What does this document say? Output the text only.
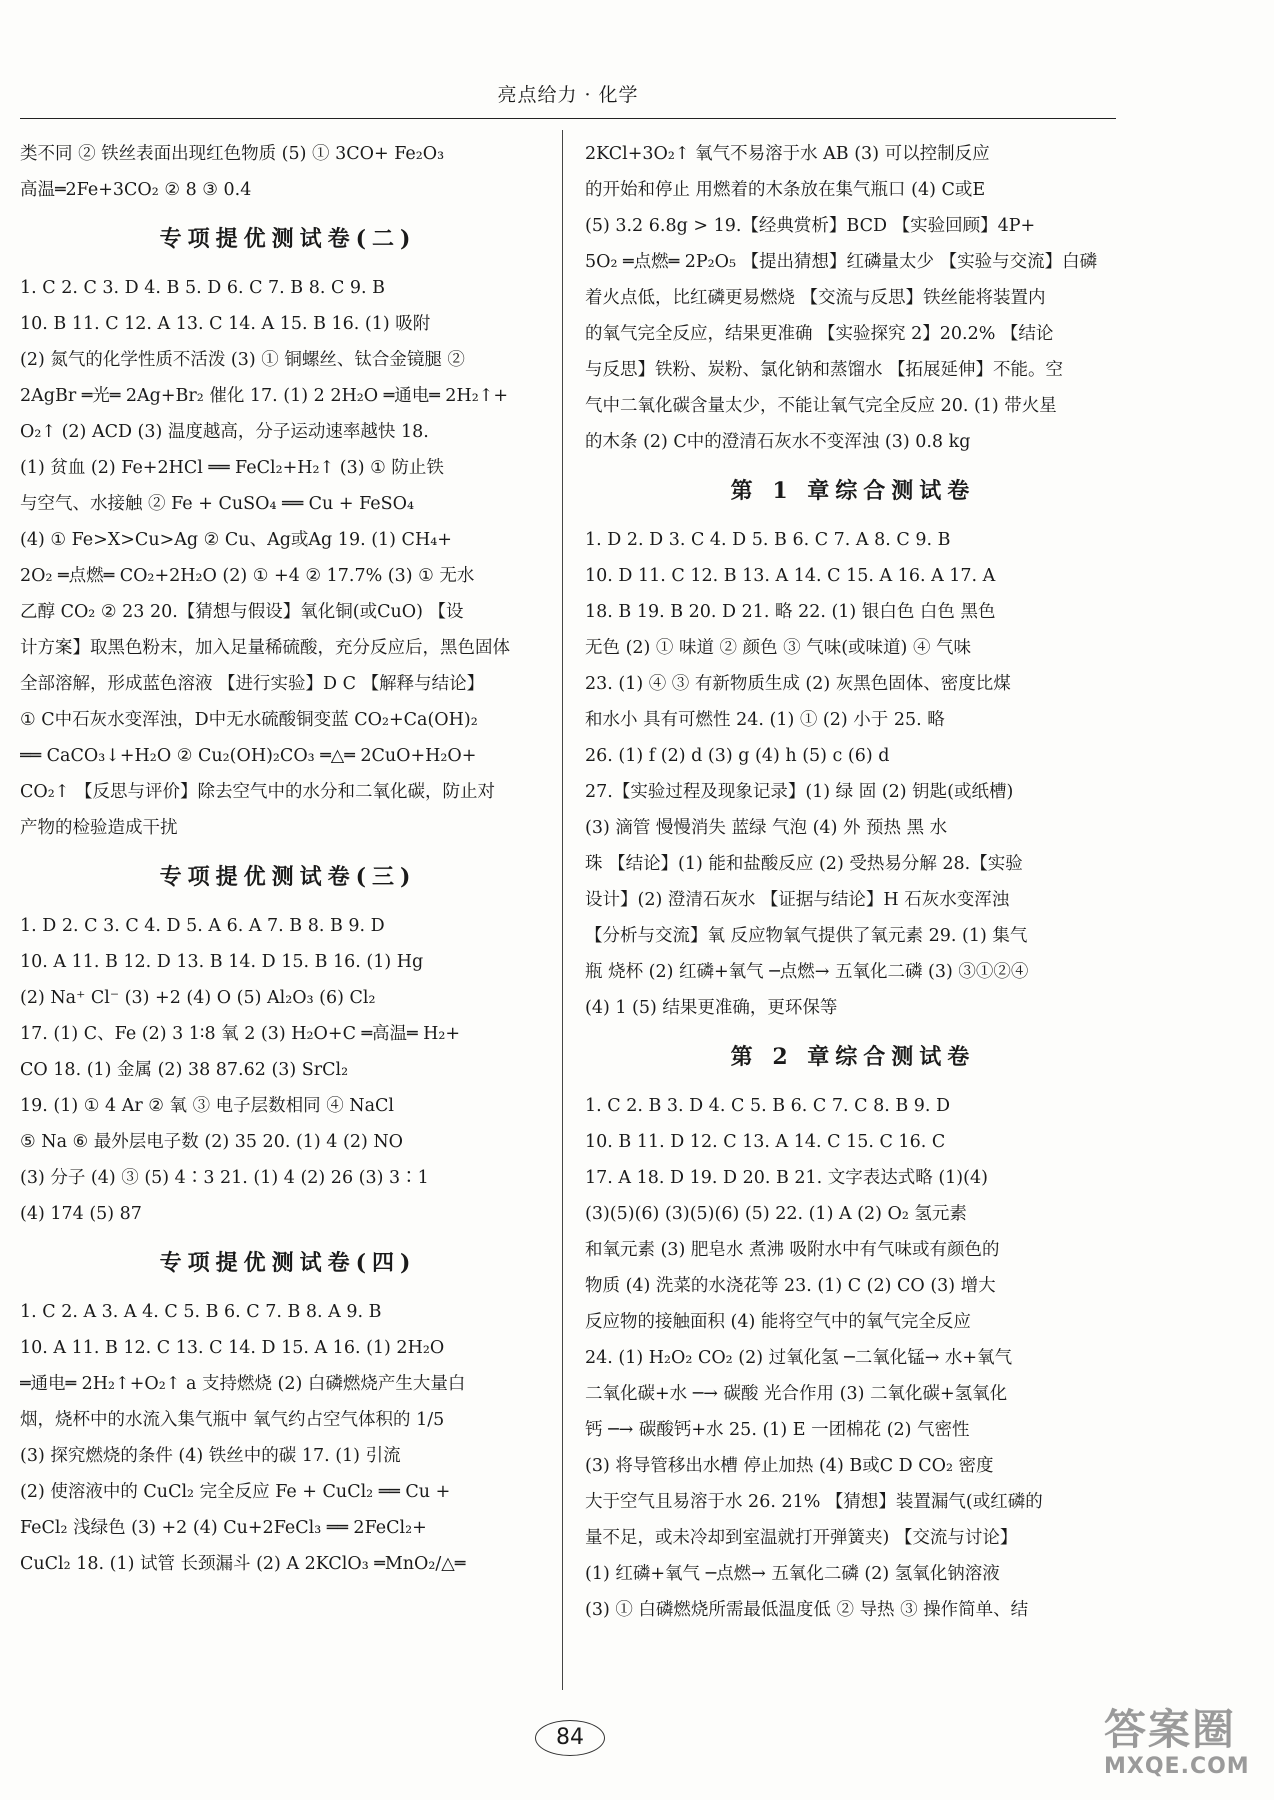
亮点给力 · 化学
类不同 ② 铁丝表面出现红色物质 (5) ① 3CO+ Fe₂O₃
高温═2Fe+3CO₂ ② 8 ③ 0.4
专项提优测试卷(二)
1. C 2. C 3. D 4. B 5. D 6. C 7. B 8. C 9. B
10. B 11. C 12. A 13. C 14. A 15. B 16. (1) 吸附
(2) 氮气的化学性质不活泼 (3) ① 铜螺丝、钛合金镜腿 ②
2AgBr ═光═ 2Ag+Br₂ 催化 17. (1) 2 2H₂O ═通电═ 2H₂↑+
O₂↑ (2) ACD (3) 温度越高，分子运动速率越快 18.
(1) 贫血 (2) Fe+2HCl ══ FeCl₂+H₂↑ (3) ① 防止铁
与空气、水接触 ② Fe + CuSO₄ ══ Cu + FeSO₄
(4) ① Fe>X>Cu>Ag ② Cu、Ag或Ag 19. (1) CH₄+
2O₂ ═点燃═ CO₂+2H₂O (2) ① +4 ② 17.7% (3) ① 无水
乙醇 CO₂ ② 23 20.【猜想与假设】氧化铜(或CuO) 【设
计方案】取黑色粉末，加入足量稀硫酸，充分反应后，黑色固体
全部溶解，形成蓝色溶液 【进行实验】D C 【解释与结论】
① C中石灰水变浑浊，D中无水硫酸铜变蓝 CO₂+Ca(OH)₂
══ CaCO₃↓+H₂O ② Cu₂(OH)₂CO₃ ═△═ 2CuO+H₂O+
CO₂↑ 【反思与评价】除去空气中的水分和二氧化碳，防止对
产物的检验造成干扰
专项提优测试卷(三)
1. D 2. C 3. C 4. D 5. A 6. A 7. B 8. B 9. D
10. A 11. B 12. D 13. B 14. D 15. B 16. (1) Hg
(2) Na⁺ Cl⁻ (3) +2 (4) O (5) Al₂O₃ (6) Cl₂
17. (1) C、Fe (2) 3 1∶8 氧 2 (3) H₂O+C ═高温═ H₂+
CO 18. (1) 金属 (2) 38 87.62 (3) SrCl₂
19. (1) ① 4 Ar ② 氧 ③ 电子层数相同 ④ NaCl
⑤ Na ⑥ 最外层电子数 (2) 35 20. (1) 4 (2) NO
(3) 分子 (4) ③ (5) 4∶3 21. (1) 4 (2) 26 (3) 3∶1
(4) 174 (5) 87
专项提优测试卷(四)
1. C 2. A 3. A 4. C 5. B 6. C 7. B 8. A 9. B
10. A 11. B 12. C 13. C 14. D 15. A 16. (1) 2H₂O
═通电═ 2H₂↑+O₂↑ a 支持燃烧 (2) 白磷燃烧产生大量白
烟，烧杯中的水流入集气瓶中 氧气约占空气体积的 1/5
(3) 探究燃烧的条件 (4) 铁丝中的碳 17. (1) 引流
(2) 使溶液中的 CuCl₂ 完全反应 Fe + CuCl₂ ══ Cu +
FeCl₂ 浅绿色 (3) +2 (4) Cu+2FeCl₃ ══ 2FeCl₂+
CuCl₂ 18. (1) 试管 长颈漏斗 (2) A 2KClO₃ ═MnO₂/△═
2KCl+3O₂↑ 氧气不易溶于水 AB (3) 可以控制反应
的开始和停止 用燃着的木条放在集气瓶口 (4) C或E
(5) 3.2 6.8g > 19.【经典赏析】BCD 【实验回顾】4P+
5O₂ ═点燃═ 2P₂O₅ 【提出猜想】红磷量太少 【实验与交流】白磷
着火点低，比红磷更易燃烧 【交流与反思】铁丝能将装置内
的氧气完全反应，结果更准确 【实验探究 2】20.2% 【结论
与反思】铁粉、炭粉、氯化钠和蒸馏水 【拓展延伸】不能。空
气中二氧化碳含量太少，不能让氧气完全反应 20. (1) 带火星
的木条 (2) C中的澄清石灰水不变浑浊 (3) 0.8 kg
第 1 章综合测试卷
1. D 2. D 3. C 4. D 5. B 6. C 7. A 8. C 9. B
10. D 11. C 12. B 13. A 14. C 15. A 16. A 17. A
18. B 19. B 20. D 21. 略 22. (1) 银白色 白色 黑色
无色 (2) ① 味道 ② 颜色 ③ 气味(或味道) ④ 气味
23. (1) ④ ③ 有新物质生成 (2) 灰黑色固体、密度比煤
和水小 具有可燃性 24. (1) ① (2) 小于 25. 略
26. (1) f (2) d (3) g (4) h (5) c (6) d
27.【实验过程及现象记录】(1) 绿 固 (2) 钥匙(或纸槽)
(3) 滴管 慢慢消失 蓝绿 气泡 (4) 外 预热 黑 水
珠 【结论】(1) 能和盐酸反应 (2) 受热易分解 28.【实验
设计】(2) 澄清石灰水 【证据与结论】H 石灰水变浑浊
【分析与交流】氧 反应物氧气提供了氧元素 29. (1) 集气
瓶 烧杯 (2) 红磷+氧气 ─点燃→ 五氧化二磷 (3) ③①②④
(4) 1 (5) 结果更准确，更环保等
第 2 章综合测试卷
1. C 2. B 3. D 4. C 5. B 6. C 7. C 8. B 9. D
10. B 11. D 12. C 13. A 14. C 15. C 16. C
17. A 18. D 19. D 20. B 21. 文字表达式略 (1)(4)
(3)(5)(6) (3)(5)(6) (5) 22. (1) A (2) O₂ 氢元素
和氧元素 (3) 肥皂水 煮沸 吸附水中有气味或有颜色的
物质 (4) 洗菜的水浇花等 23. (1) C (2) CO (3) 增大
反应物的接触面积 (4) 能将空气中的氧气完全反应
24. (1) H₂O₂ CO₂ (2) 过氧化氢 ─二氧化锰→ 水+氧气
二氧化碳+水 ─→ 碳酸 光合作用 (3) 二氧化碳+氢氧化
钙 ─→ 碳酸钙+水 25. (1) E 一团棉花 (2) 气密性
(3) 将导管移出水槽 停止加热 (4) B或C D CO₂ 密度
大于空气且易溶于水 26. 21% 【猜想】装置漏气(或红磷的
量不足，或未冷却到室温就打开弹簧夹) 【交流与讨论】
(1) 红磷+氧气 ─点燃→ 五氧化二磷 (2) 氢氧化钠溶液
(3) ① 白磷燃烧所需最低温度低 ② 导热 ③ 操作简单、结
84	答案圈
MXQE.COM
